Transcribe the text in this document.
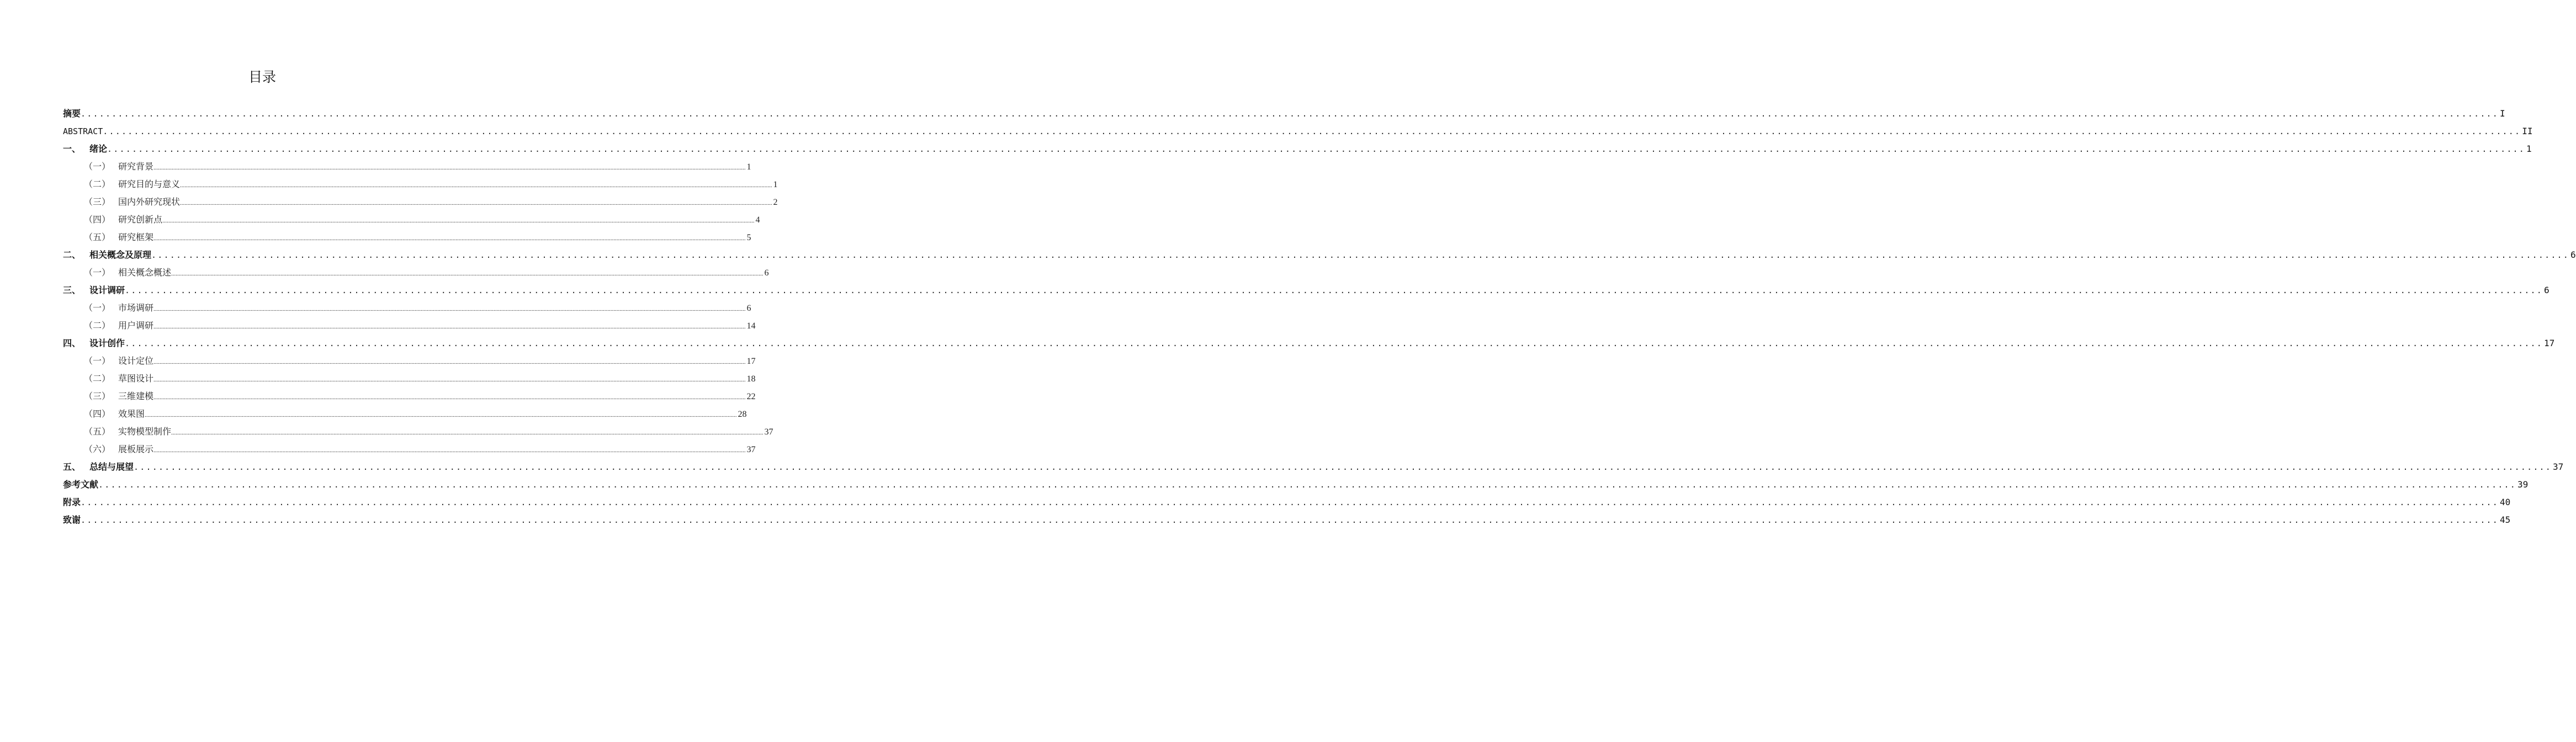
目录
摘要 ...................................................................................................................................................................................................................................................................................................................................................................................................... I
ABSTRACT ...................................................................................................................................................................................................................................................................................................................................................................................................... II
一、 绪论 ...................................................................................................................................................................................................................................................................................................................................................................................................... 1
（一） 研究背景 ...................................................................................................................................................................................................................................................................................................................................................................................................... 1
（二） 研究目的与意义 ...................................................................................................................................................................................................................................................................................................................................................................................................... 1
（三） 国内外研究现状 ...................................................................................................................................................................................................................................................................................................................................................................................................... 2
（四） 研究创新点 ...................................................................................................................................................................................................................................................................................................................................................................................................... 4
（五） 研究框架 ...................................................................................................................................................................................................................................................................................................................................................................................................... 5
二、 相关概念及原理 ...................................................................................................................................................................................................................................................................................................................................................................................................... 6
（一） 相关概念概述 ...................................................................................................................................................................................................................................................................................................................................................................................................... 6
三、 设计调研 ...................................................................................................................................................................................................................................................................................................................................................................................................... 6
（一） 市场调研 ...................................................................................................................................................................................................................................................................................................................................................................................................... 6
（二） 用户调研 ...................................................................................................................................................................................................................................................................................................................................................................................................... 14
四、 设计创作 ...................................................................................................................................................................................................................................................................................................................................................................................................... 17
（一） 设计定位 ...................................................................................................................................................................................................................................................................................................................................................................................................... 17
（二） 草图设计 ...................................................................................................................................................................................................................................................................................................................................................................................................... 18
（三） 三维建模 ...................................................................................................................................................................................................................................................................................................................................................................................................... 22
（四） 效果图 ...................................................................................................................................................................................................................................................................................................................................................................................................... 28
（五） 实物模型制作 ...................................................................................................................................................................................................................................................................................................................................................................................................... 37
（六） 展板展示 ...................................................................................................................................................................................................................................................................................................................................................................................................... 37
五、 总结与展望 ...................................................................................................................................................................................................................................................................................................................................................................................................... 37
参考文献 ...................................................................................................................................................................................................................................................................................................................................................................................................... 39
附录 ...................................................................................................................................................................................................................................................................................................................................................................................................... 40
致谢 ...................................................................................................................................................................................................................................................................................................................................................................................................... 45
